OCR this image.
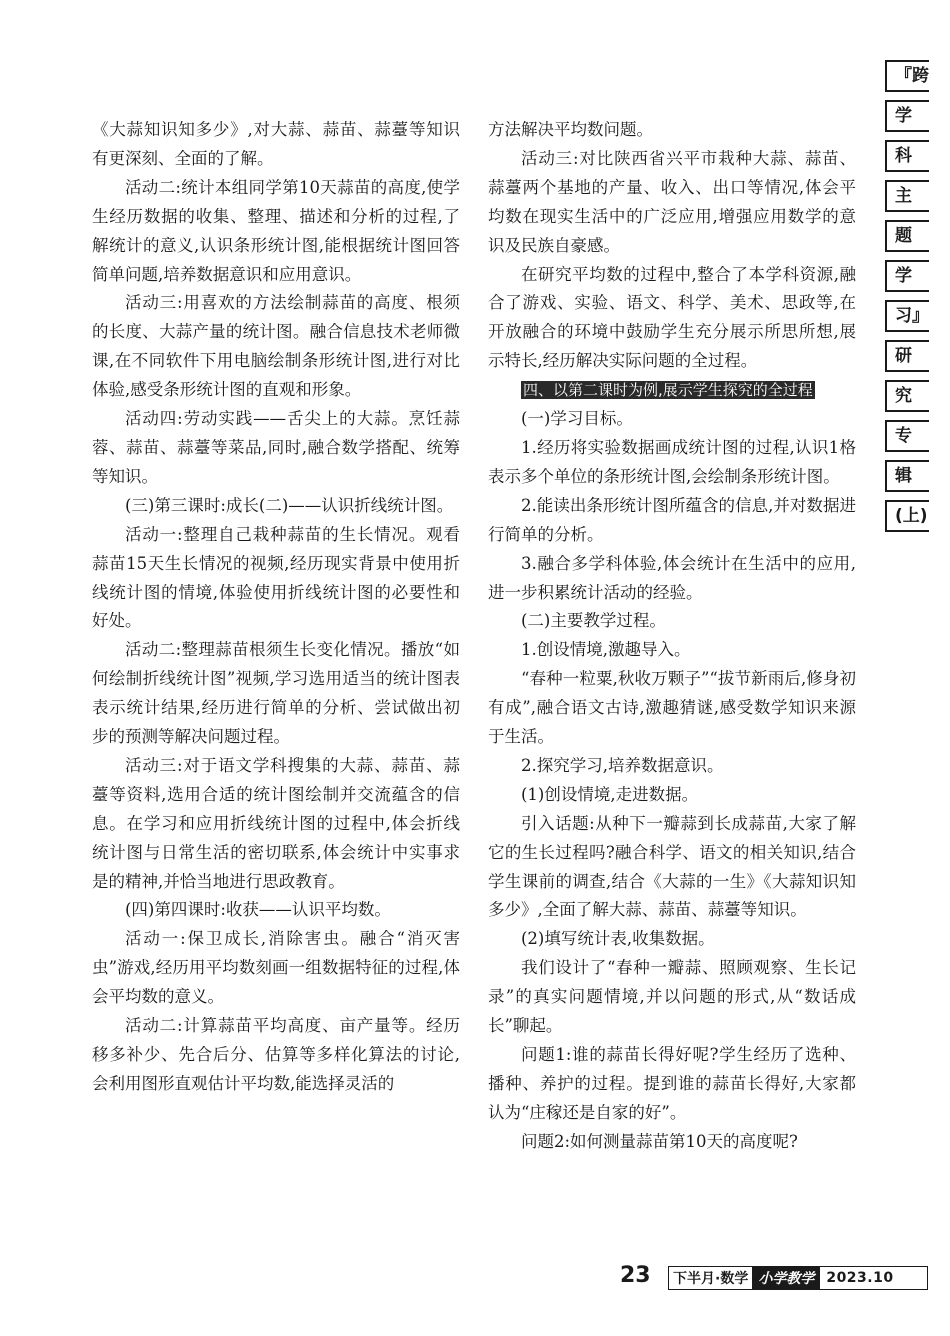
《大蒜知识知多少》,对大蒜、蒜苗、蒜薹等知识有更深刻、全面的了解。

活动二:统计本组同学第10天蒜苗的高度,使学生经历数据的收集、整理、描述和分析的过程,了解统计的意义,认识条形统计图,能根据统计图回答简单问题,培养数据意识和应用意识。

活动三:用喜欢的方法绘制蒜苗的高度、根须的长度、大蒜产量的统计图。融合信息技术老师微课,在不同软件下用电脑绘制条形统计图,进行对比体验,感受条形统计图的直观和形象。

活动四:劳动实践——舌尖上的大蒜。烹饪蒜蓉、蒜苗、蒜薹等菜品,同时,融合数学搭配、统筹等知识。

(三)第三课时:成长(二)——认识折线统计图。

活动一:整理自己栽种蒜苗的生长情况。观看蒜苗15天生长情况的视频,经历现实背景中使用折线统计图的情境,体验使用折线统计图的必要性和好处。

活动二:整理蒜苗根须生长变化情况。播放“如何绘制折线统计图”视频,学习选用适当的统计图表表示统计结果,经历进行简单的分析、尝试做出初步的预测等解决问题过程。

活动三:对于语文学科搜集的大蒜、蒜苗、蒜薹等资料,选用合适的统计图绘制并交流蕴含的信息。在学习和应用折线统计图的过程中,体会折线统计图与日常生活的密切联系,体会统计中实事求是的精神,并恰当地进行思政教育。

(四)第四课时:收获——认识平均数。

活动一:保卫成长,消除害虫。融合“消灭害虫”游戏,经历用平均数刻画一组数据特征的过程,体会平均数的意义。

活动二:计算蒜苗平均高度、亩产量等。经历移多补少、先合后分、估算等多样化算法的讨论,会利用图形直观估计平均数,能选择灵活的

方法解决平均数问题。

活动三:对比陕西省兴平市栽种大蒜、蒜苗、蒜薹两个基地的产量、收入、出口等情况,体会平均数在现实生活中的广泛应用,增强应用数学的意识及民族自豪感。

在研究平均数的过程中,整合了本学科资源,融合了游戏、实验、语文、科学、美术、思政等,在开放融合的环境中鼓励学生充分展示所思所想,展示特长,经历解决实际问题的全过程。

四、以第二课时为例,展示学生探究的全过程

(一)学习目标。

1.经历将实验数据画成统计图的过程,认识1格表示多个单位的条形统计图,会绘制条形统计图。

2.能读出条形统计图所蕴含的信息,并对数据进行简单的分析。

3.融合多学科体验,体会统计在生活中的应用,进一步积累统计活动的经验。

(二)主要教学过程。

1.创设情境,激趣导入。

“春种一粒粟,秋收万颗子”“拔节新雨后,修身初有成”,融合语文古诗,激趣猜谜,感受数学知识来源于生活。

2.探究学习,培养数据意识。

(1)创设情境,走进数据。

引入话题:从种下一瓣蒜到长成蒜苗,大家了解它的生长过程吗?融合科学、语文的相关知识,结合学生课前的调查,结合《大蒜的一生》《大蒜知识知多少》,全面了解大蒜、蒜苗、蒜薹等知识。

(2)填写统计表,收集数据。

我们设计了“春种一瓣蒜、照顾观察、生长记录”的真实问题情境,并以问题的形式,从“数话成长”聊起。

问题1:谁的蒜苗长得好呢?学生经历了选种、播种、养护的过程。提到谁的蒜苗长得好,大家都认为“庄稼还是自家的好”。

问题2:如何测量蒜苗第10天的高度呢?

『跨
学
科
主
题
学
习』
研
究
专
辑
(上)
23 下半月·数学 小学教学 2023.10
